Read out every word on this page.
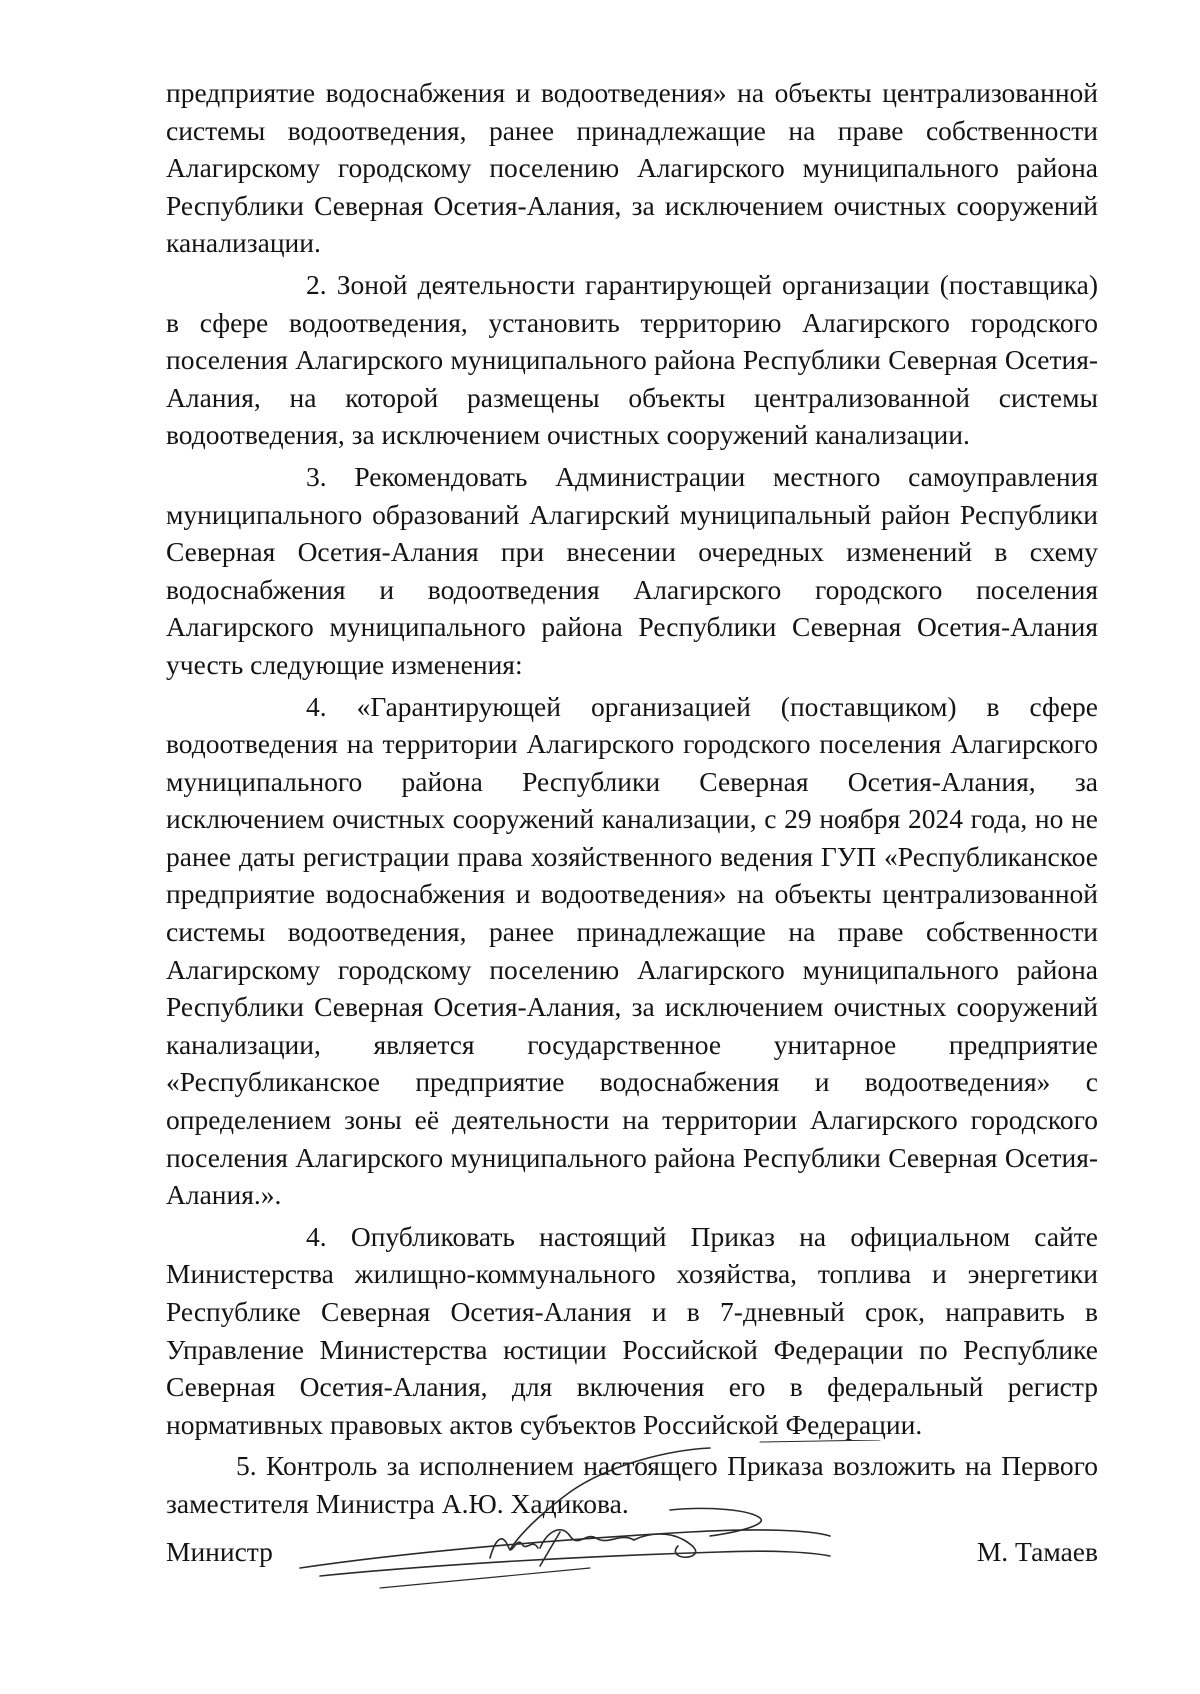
предприятие водоснабжения и водоотведения» на объекты централизованной системы водоотведения, ранее принадлежащие на праве собственности Алагирскому городскому поселению Алагирского муниципального района Республики Северная Осетия-Алания, за исключением очистных сооружений канализации.

2. Зоной деятельности гарантирующей организации (поставщика) в сфере водоотведения, установить территорию Алагирского городского поселения Алагирского муниципального района Республики Северная Осетия-Алания, на которой размещены объекты централизованной системы водоотведения, за исключением очистных сооружений канализации.

3. Рекомендовать Администрации местного самоуправления муниципального образований Алагирский муниципальный район Республики Северная Осетия-Алания при внесении очередных изменений в схему водоснабжения и водоотведения Алагирского городского поселения Алагирского муниципального района Республики Северная Осетия-Алания учесть следующие изменения:

4. «Гарантирующей организацией (поставщиком) в сфере водоотведения на территории Алагирского городского поселения Алагирского муниципального района Республики Северная Осетия-Алания, за исключением очистных сооружений канализации, с 29 ноября 2024 года, но не ранее даты регистрации права хозяйственного ведения ГУП «Республиканское предприятие водоснабжения и водоотведения» на объекты централизованной системы водоотведения, ранее принадлежащие на праве собственности Алагирскому городскому поселению Алагирского муниципального района Республики Северная Осетия-Алания, за исключением очистных сооружений канализации, является государственное унитарное предприятие «Республиканское предприятие водоснабжения и водоотведения» с определением зоны её деятельности на территории Алагирского городского поселения Алагирского муниципального района Республики Северная Осетия-Алания.».

4. Опубликовать настоящий Приказ на официальном сайте Министерства жилищно-коммунального хозяйства, топлива и энергетики Республике Северная Осетия-Алания и в 7-дневный срок, направить в Управление Министерства юстиции Российской Федерации по Республике Северная Осетия-Алания, для включения его в федеральный регистр нормативных правовых актов субъектов Российской Федерации.

5. Контроль за исполнением настоящего Приказа возложить на Первого заместителя Министра А.Ю. Хадикова.

Министр	М. Тамаев
